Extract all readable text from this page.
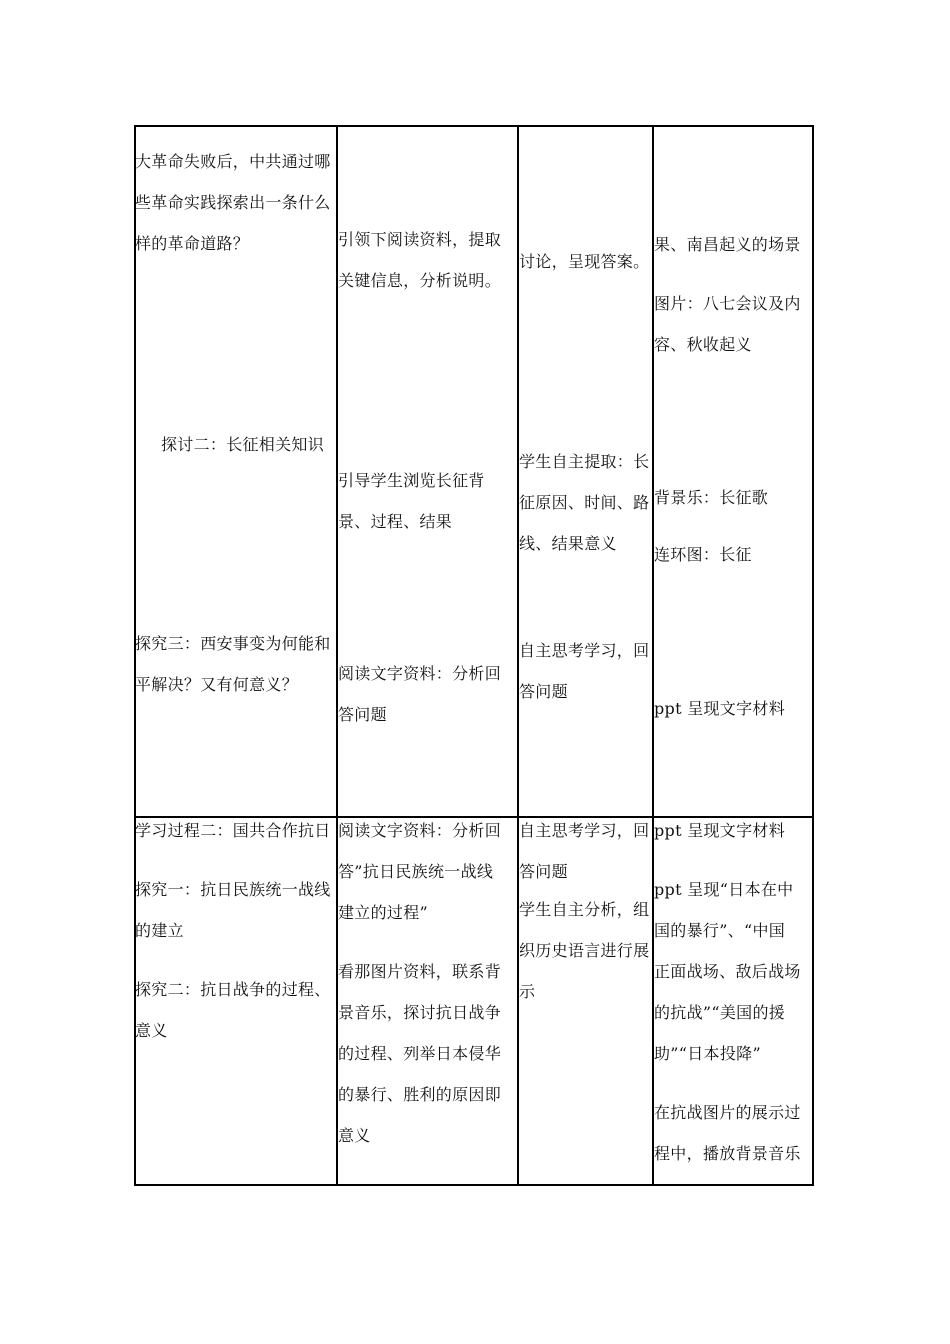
大革命失败后，中共通过哪
些革命实践探索出一条什么
样的革命道路？
探讨二：长征相关知识
探究三：西安事变为何能和
平解决？又有何意义？
引领下阅读资料，提取
关键信息，分析说明。
引导学生浏览长征背
景、过程、结果
阅读文字资料：分析回
答问题
讨论，呈现答案。
学生自主提取：长
征原因、时间、路
线、结果意义
自主思考学习，回
答问题
果、南昌起义的场景
图片：八七会议及内
容、秋收起义
背景乐：长征歌
连环图：长征
ppt 呈现文字材料
学习过程二：国共合作抗日
探究一：抗日民族统一战线
的建立
探究二：抗日战争的过程、
意义
阅读文字资料：分析回
答”抗日民族统一战线
建立的过程”
看那图片资料，联系背
景音乐，探讨抗日战争
的过程、列举日本侵华
的暴行、胜利的原因即
意义
自主思考学习，回
答问题
学生自主分析，组
织历史语言进行展
示
ppt 呈现文字材料
ppt 呈现“日本在中
国的暴行”、“中国
正面战场、敌后战场
的抗战”“美国的援
助”“日本投降”
在抗战图片的展示过
程中，播放背景音乐
